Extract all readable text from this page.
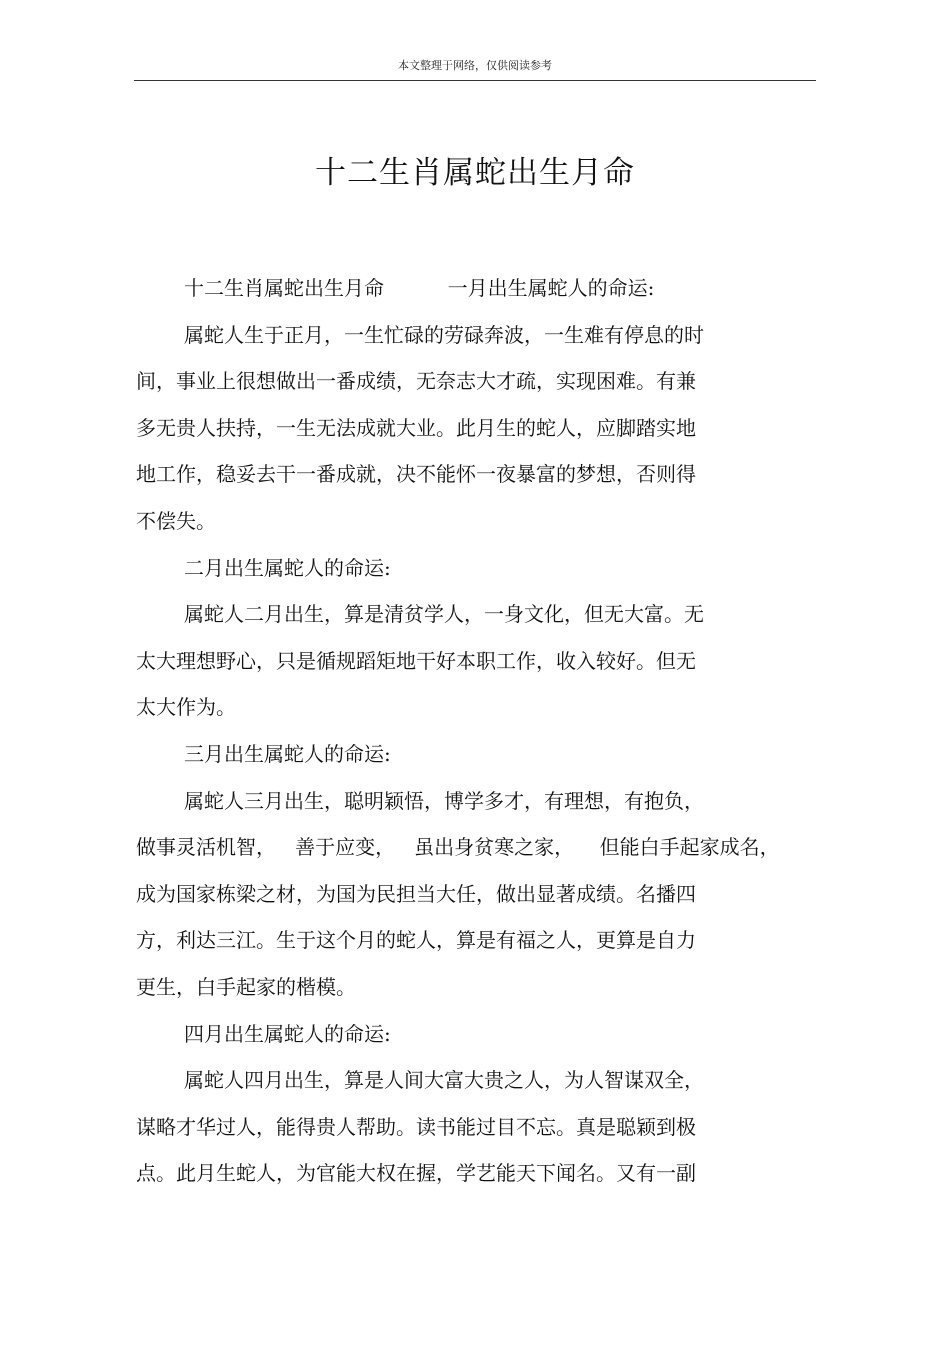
本文整理于网络，仅供阅读参考
十二生肖属蛇出生月命
十二生肖属蛇出生月命          一月出生属蛇人的命运:
属蛇人生于正月，一生忙碌的劳碌奔波，一生难有停息的时
间，事业上很想做出一番成绩，无奈志大才疏，实现困难。有兼
多无贵人扶持，一生无法成就大业。此月生的蛇人，应脚踏实地
地工作，稳妥去干一番成就，决不能怀一夜暴富的梦想，否则得
不偿失。
二月出生属蛇人的命运:
属蛇人二月出生，算是清贫学人，一身文化，但无大富。无
太大理想野心，只是循规蹈矩地干好本职工作，收入较好。但无
太大作为。
三月出生属蛇人的命运:
属蛇人三月出生，聪明颖悟，博学多才，有理想，有抱负，
做事灵活机智，   善于应变，   虽出身贫寒之家，    但能白手起家成名，
成为国家栋梁之材，为国为民担当大任，做出显著成绩。名播四
方，利达三江。生于这个月的蛇人，算是有福之人，更算是自力
更生，白手起家的楷模。
四月出生属蛇人的命运:
属蛇人四月出生，算是人间大富大贵之人，为人智谋双全，
谋略才华过人，能得贵人帮助。读书能过目不忘。真是聪颖到极
点。此月生蛇人，为官能大权在握，学艺能天下闻名。又有一副
